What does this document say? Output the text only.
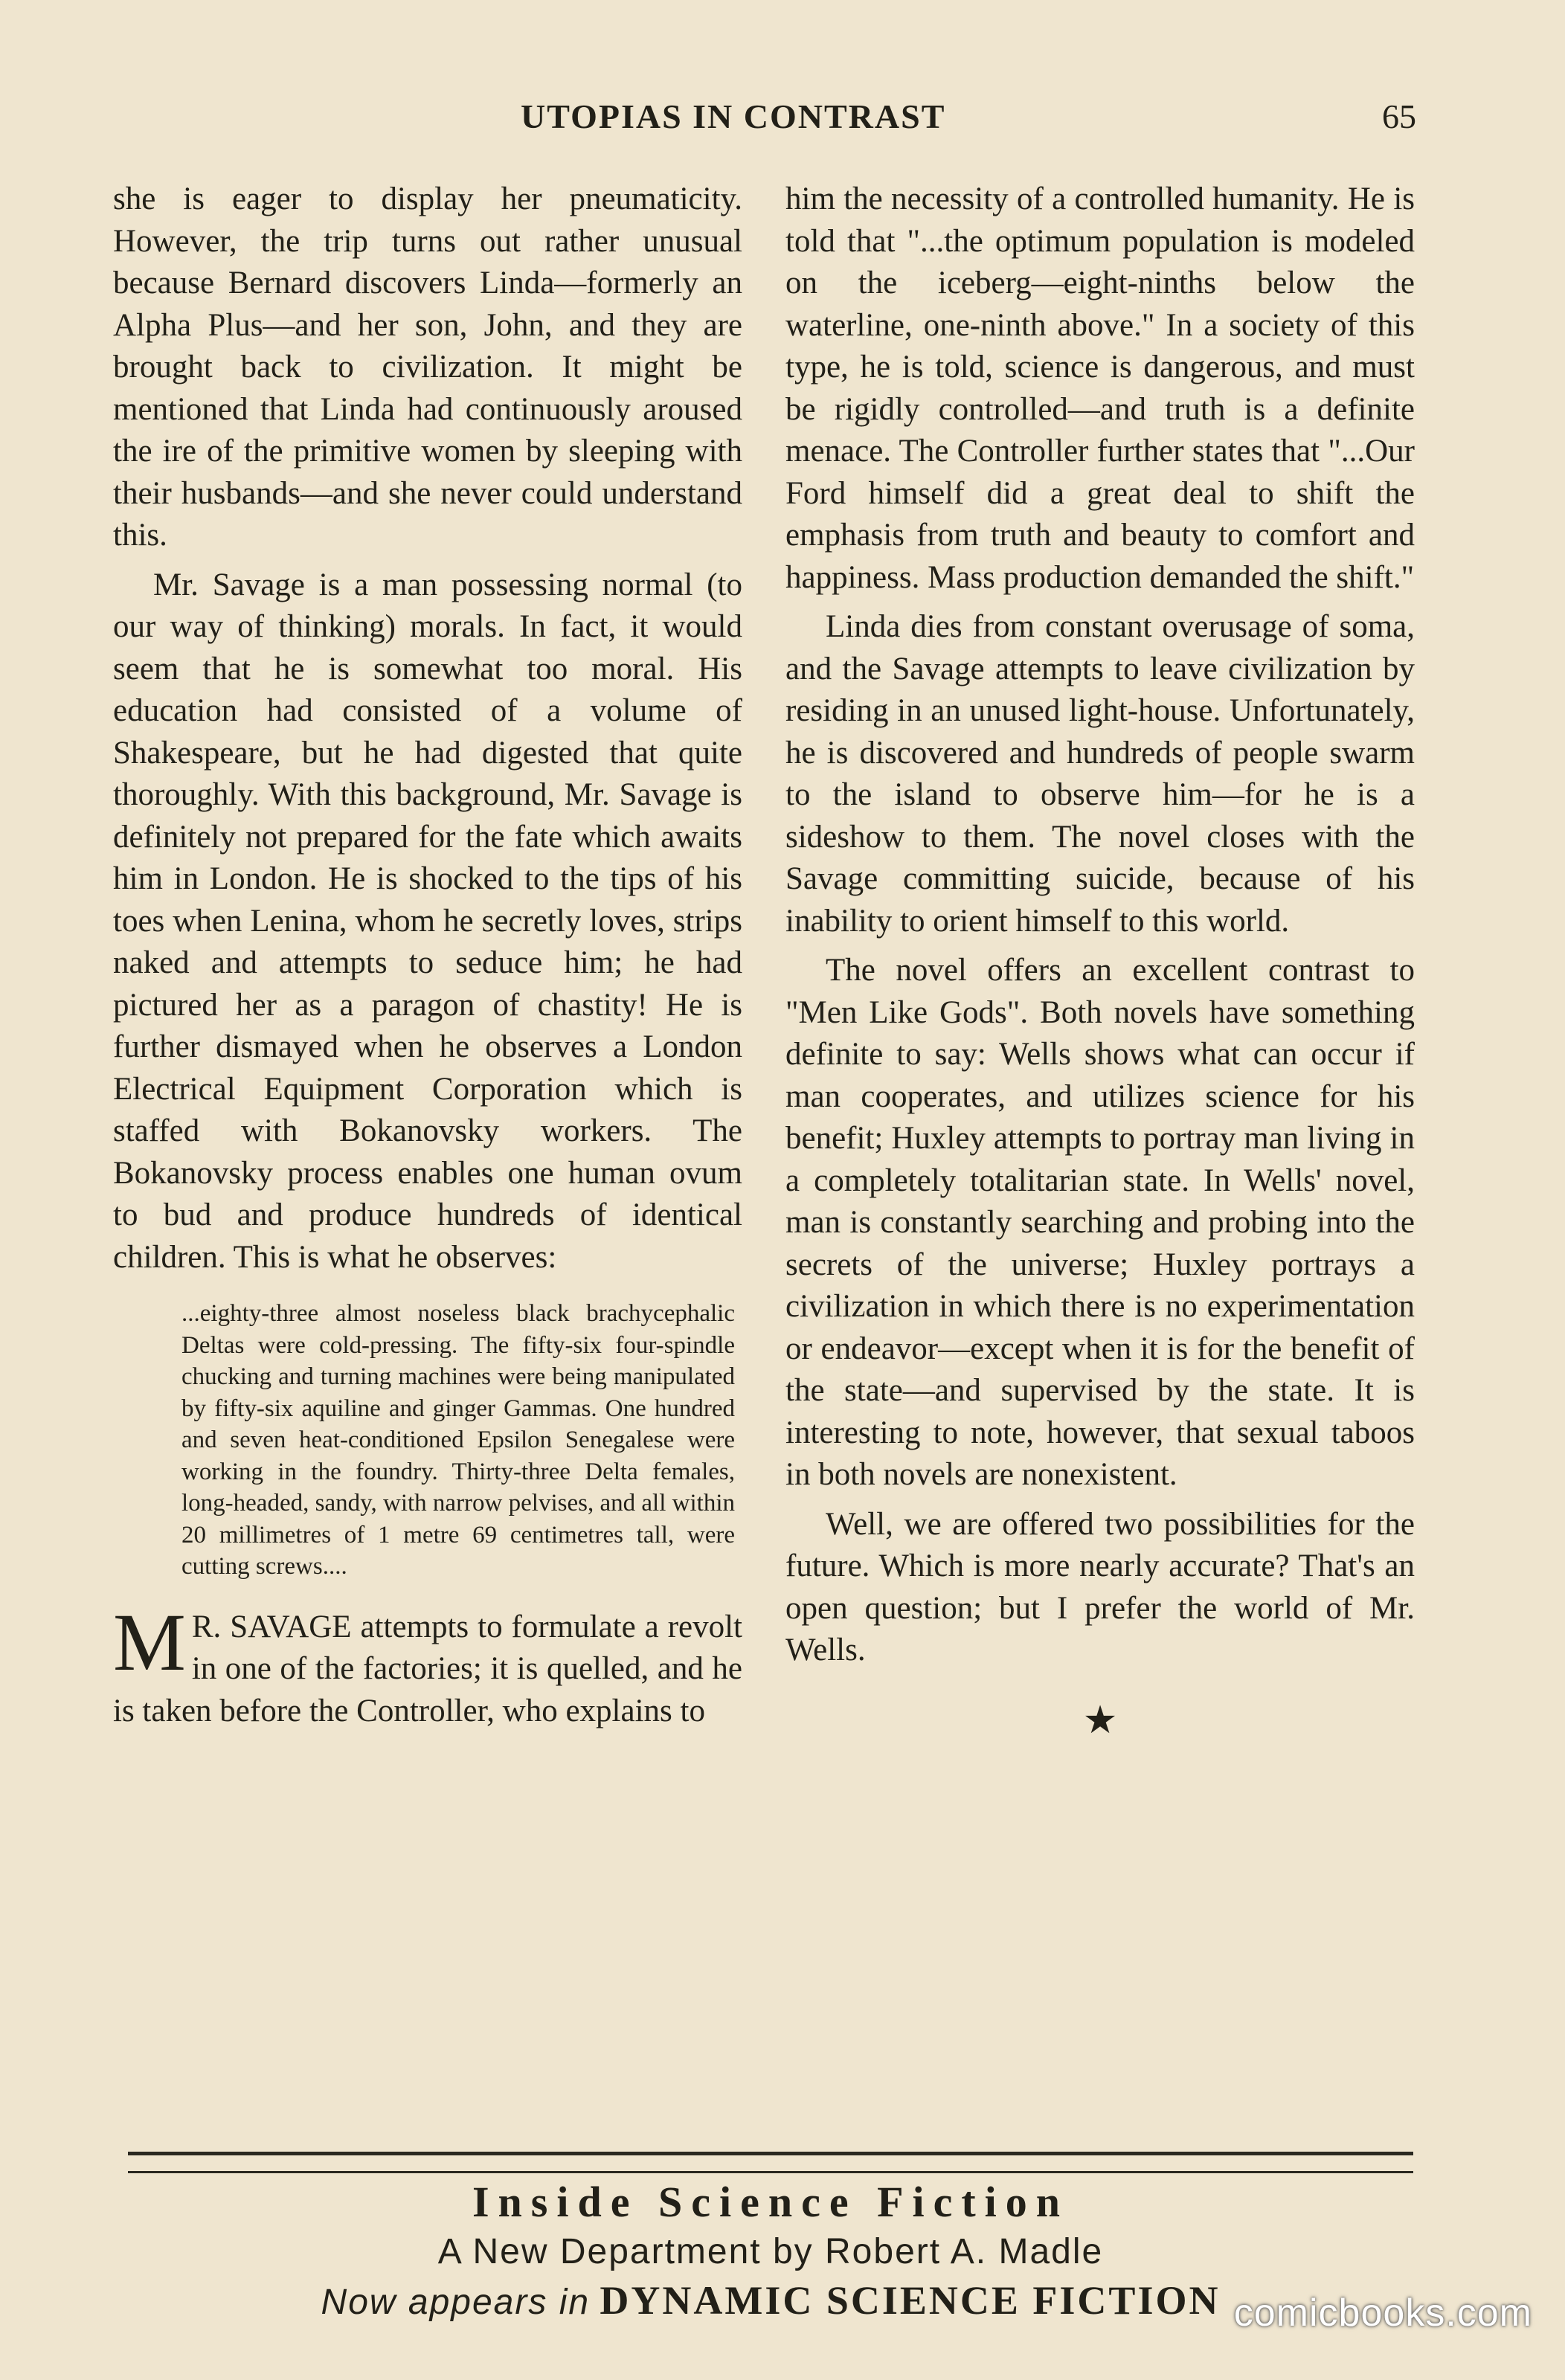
UTOPIAS IN CONTRAST	65

she is eager to display her pneumaticity. However, the trip turns out rather unusual because Bernard discovers Linda—formerly an Alpha Plus—and her son, John, and they are brought back to civilization. It might be mentioned that Linda had continuously aroused the ire of the primitive women by sleeping with their husbands—and she never could understand this.

Mr. Savage is a man possessing normal (to our way of thinking) morals. In fact, it would seem that he is somewhat too moral. His education had consisted of a volume of Shakespeare, but he had digested that quite thoroughly. With this background, Mr. Savage is definitely not prepared for the fate which awaits him in London. He is shocked to the tips of his toes when Lenina, whom he secretly loves, strips naked and attempts to seduce him; he had pictured her as a paragon of chastity! He is further dismayed when he observes a London Electrical Equipment Corporation which is staffed with Bokanovsky workers. The Bokanovsky process enables one human ovum to bud and produce hundreds of identical children. This is what he observes:

...eighty-three almost noseless black brachycephalic Deltas were cold-pressing. The fifty-six four-spindle chucking and turning machines were being manipulated by fifty-six aquiline and ginger Gammas. One hundred and seven heat-conditioned Epsilon Senegalese were working in the foundry. Thirty-three Delta females, long-headed, sandy, with narrow pelvises, and all within 20 millimetres of 1 metre 69 centimetres tall, were cutting screws....

M R. SAVAGE attempts to formulate a revolt in one of the factories; it is quelled, and he is taken before the Controller, who explains to

him the necessity of a controlled humanity. He is told that "...the optimum population is modeled on the iceberg—eight-ninths below the waterline, one-ninth above." In a society of this type, he is told, science is dangerous, and must be rigidly controlled—and truth is a definite menace. The Controller further states that "...Our Ford himself did a great deal to shift the emphasis from truth and beauty to comfort and happiness. Mass production demanded the shift."

Linda dies from constant overusage of soma, and the Savage attempts to leave civilization by residing in an unused light-house. Unfortunately, he is discovered and hundreds of people swarm to the island to observe him—for he is a sideshow to them. The novel closes with the Savage committing suicide, because of his inability to orient himself to this world.

The novel offers an excellent contrast to "Men Like Gods". Both novels have something definite to say: Wells shows what can occur if man cooperates, and utilizes science for his benefit; Huxley attempts to portray man living in a completely totalitarian state. In Wells' novel, man is constantly searching and probing into the secrets of the universe; Huxley portrays a civilization in which there is no experimentation or endeavor—except when it is for the benefit of the state—and supervised by the state. It is interesting to note, however, that sexual taboos in both novels are nonexistent.

Well, we are offered two possibilities for the future. Which is more nearly accurate? That's an open question; but I prefer the world of Mr. Wells.

★
Inside Science Fiction
A New Department by Robert A. Madle
Now appears in DYNAMIC SCIENCE FICTION comicbooks.com
